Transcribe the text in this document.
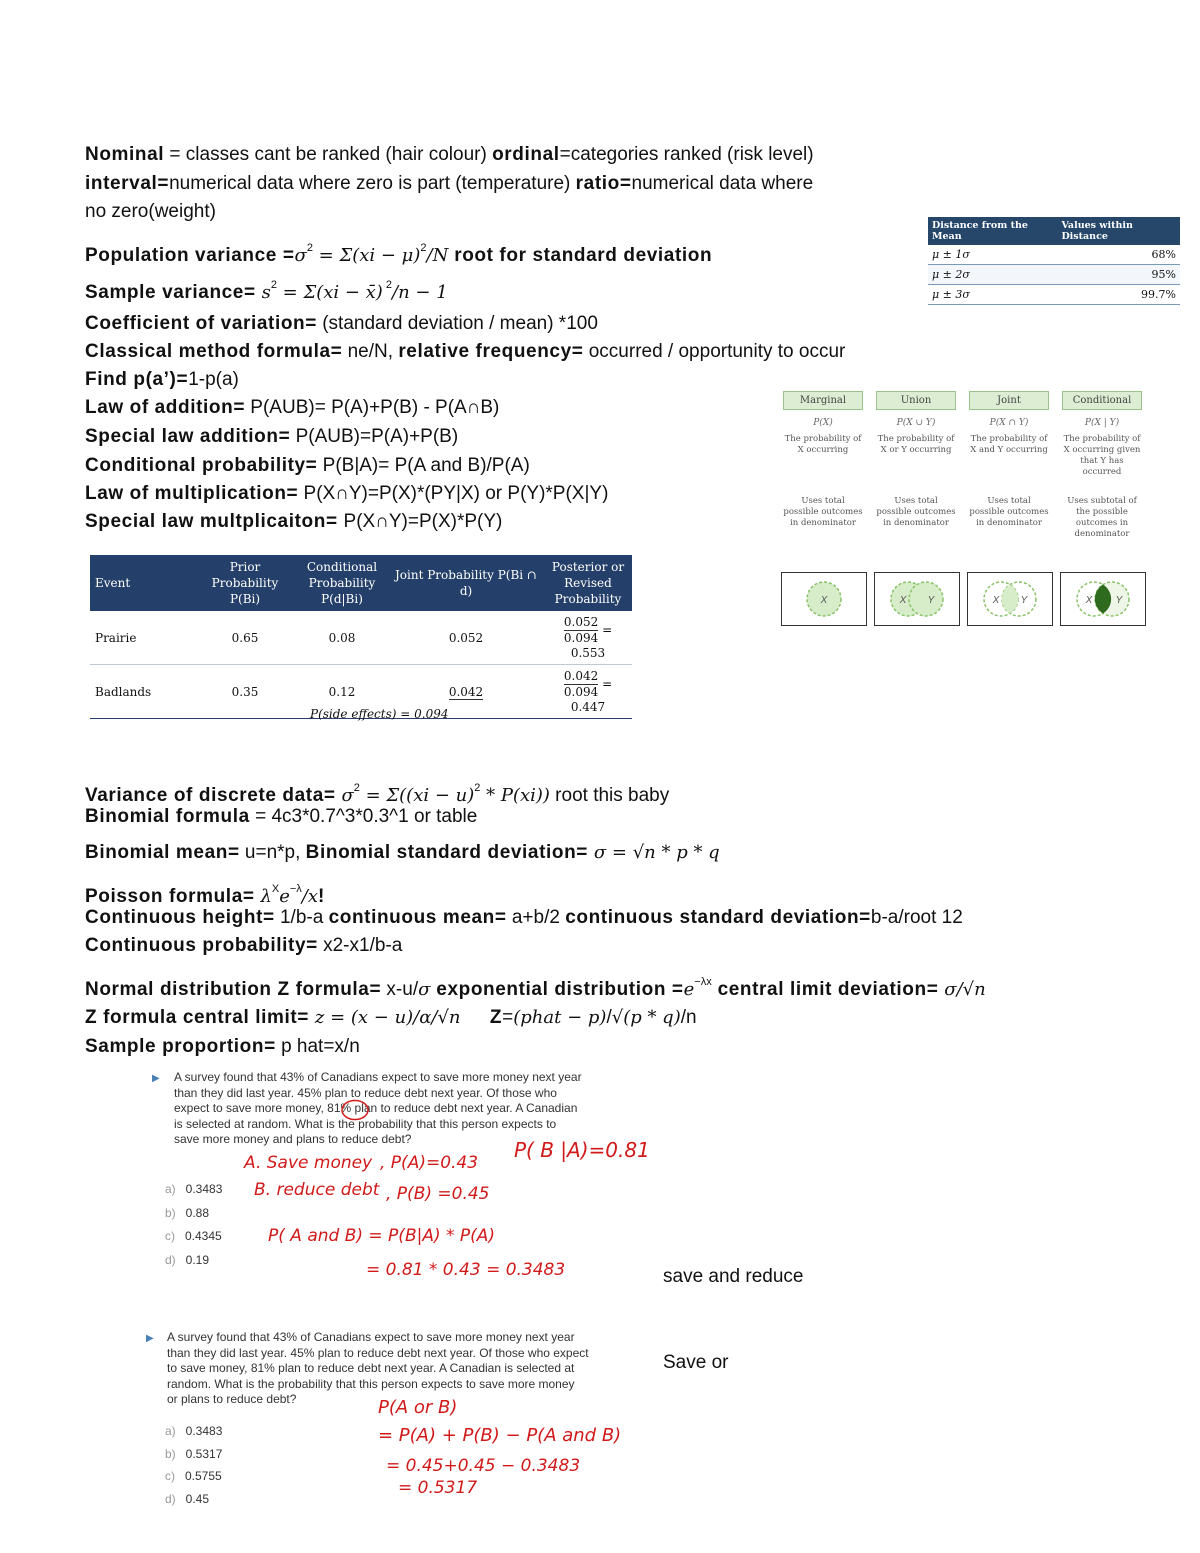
Nominal = classes cant be ranked (hair colour) ordinal=categories ranked (risk level)
interval=numerical data where zero is part (temperature) ratio=numerical data where
no zero(weight)
Population variance $=\sigma^2 = \Sigma(xi - \mu)^2/N$ root for standard deviation
Sample variance= $s^2 = \Sigma(xi$ − x̄) $^2$/n − 1
Coefficient of variation= (standard deviation / mean) *100
Classical method formula= ne/N, relative frequency= occurred / opportunity to occur
Find p(a’)=1-p(a)
Law of addition= P(AUB)= P(A)+P(B) - P(A∩B)
Special law addition= P(AUB)=P(A)+P(B)
Conditional probability= P(B|A)= P(A and B)/P(A)
Law of multiplication= P(X∩Y)=P(X)*(PY|X) or P(Y)*P(X|Y)
Special law multplicaiton= P(X∩Y)=P(X)*P(Y)
Distance from the Mean	Values within Distance
μ ± 1σ	68%
μ ± 2σ	95%
μ ± 3σ	99.7%
Marginal
P(X)
The probability of X occurring
Uses total possible outcomes in denominator
Union
P(X ∪ Y)
The probability of X or Y occurring
Uses total possible outcomes in denominator
Joint
P(X ∩ Y)
The probability of X and Y occurring
Uses total possible outcomes in denominator
Conditional
P(X | Y)
The probability of X occurring given that Y has occurred
Uses subtotal of the possible outcomes in denominator
X	X Y	X Y	X Y
Event	Prior Probability P(Bi)	Conditional Probability P(d|Bi)	Joint Probability P(Bi ∩ d)	Posterior or Revised Probability
Prairie	0.65	0.08	0.052	$\frac{0.052}{0.094} = 0.553$
Badlands	0.35	0.12	0.042	$\frac{0.042}{0.094} = 0.447$
P(side effects) = 0.094
Variance of discrete data= $\sigma^2 = \Sigma((xi - u)^2 * P(xi))$ root this baby
Binomial formula = 4c3*0.7^3*0.3^1 or table
Binomial mean= u=n*p, Binomial standard deviation= σ = √n * p * q
Poisson formula= $\lambda^Xe^{-\lambda}/x$!
Continuous height= 1/b-a continuous mean= a+b/2 continuous standard deviation=b-a/root 12
Continuous probability= x2-x1/b-a
Normal distribution Z formula= x-u/σ exponential distribution $=e^{-\lambda x}$ central limit deviation= σ/√n
Z formula central limit= z = (x − u)/α/√n     Z=(phat − p)/√(p * q)/n
Sample proportion= p hat=x/n
▶ A survey found that 43% of Canadians expect to save more money next year
than they did last year. 45% plan to reduce debt next year. Of those who
expect to save more money, 81% plan to reduce debt next year. A Canadian
is selected at random. What is the probability that this person expects to
save more money and plans to reduce debt?
a) 0.3483
b) 0.88
c) 0.4345
d) 0.19
A. Save money , P(A)=0.43
P( B |A)=0.81
B. reduce debt , P(B) =0.45
P( A and B) = P(B|A) * P(A)
= 0.81 * 0.43 = 0.3483	save and reduce
▶ A survey found that 43% of Canadians expect to save more money next year
than they did last year. 45% plan to reduce debt next year. Of those who expect
to save money, 81% plan to reduce debt next year. A Canadian is selected at
random. What is the probability that this person expects to save more money
or plans to reduce debt?
a) 0.3483
b) 0.5317
c) 0.5755
d) 0.45
P(A or B)
= P(A) + P(B) − P(A and B)
= 0.45+0.45 − 0.3483
= 0.5317
Save or
